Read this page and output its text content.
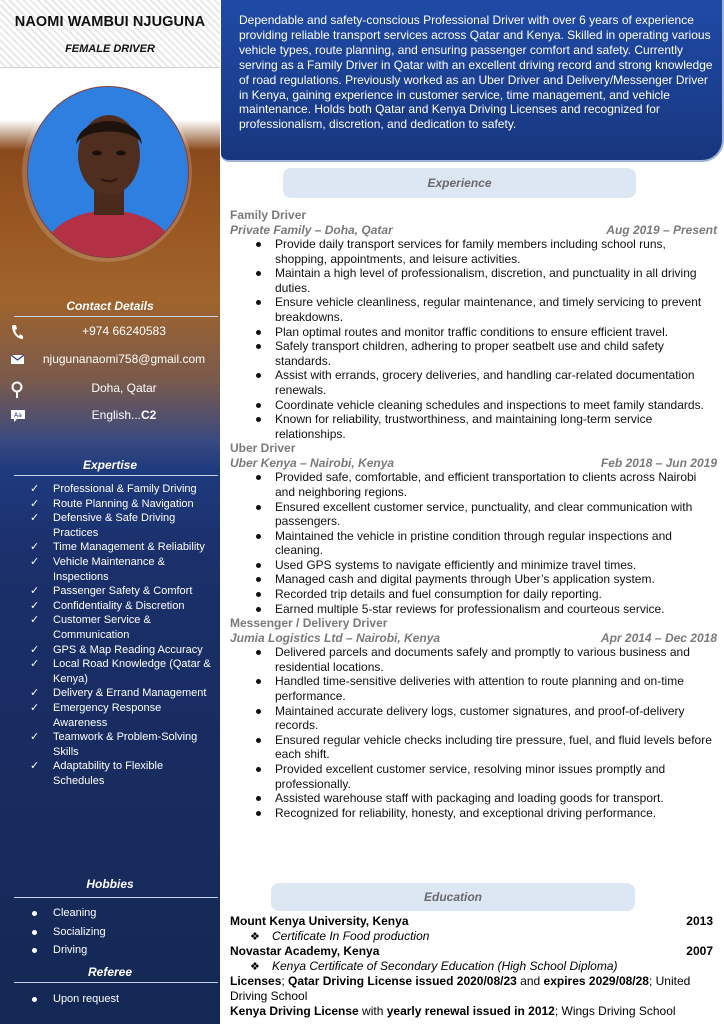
NAOMI WAMBUI NJUGUNA
FEMALE DRIVER
Contact Details
+974 66240583
njugunanaomi758@gmail.com
Doha, Qatar
Aa	English...C2
Expertise
✓ Professional & Family Driving
✓ Route Planning & Navigation
✓ Defensive & Safe Driving Practices
✓ Time Management & Reliability
✓ Vehicle Maintenance & Inspections
✓ Passenger Safety & Comfort
✓ Confidentiality & Discretion
✓ Customer Service & Communication
✓ GPS & Map Reading Accuracy
✓ Local Road Knowledge (Qatar & Kenya)
✓ Delivery & Errand Management
✓ Emergency Response Awareness
✓ Teamwork & Problem-Solving Skills
✓ Adaptability to Flexible Schedules
Hobbies
Cleaning
Socializing
Driving
Referee
Upon request

Dependable and safety-conscious Professional Driver with over 6 years of experience providing reliable transport services across Qatar and Kenya. Skilled in operating various vehicle types, route planning, and ensuring passenger comfort and safety. Currently serving as a Family Driver in Qatar with an excellent driving record and strong knowledge of road regulations. Previously worked as an Uber Driver and Delivery/Messenger Driver in Kenya, gaining experience in customer service, time management, and vehicle maintenance. Holds both Qatar and Kenya Driving Licenses and recognized for professionalism, discretion, and dedication to safety.

Experience
Family Driver
Private Family – Doha, Qatar	Aug 2019 – Present
Provide daily transport services for family members including school runs, shopping, appointments, and leisure activities.
Maintain a high level of professionalism, discretion, and punctuality in all driving duties.
Ensure vehicle cleanliness, regular maintenance, and timely servicing to prevent breakdowns.
Plan optimal routes and monitor traffic conditions to ensure efficient travel.
Safely transport children, adhering to proper seatbelt use and child safety standards.
Assist with errands, grocery deliveries, and handling car-related documentation renewals.
Coordinate vehicle cleaning schedules and inspections to meet family standards.
Known for reliability, trustworthiness, and maintaining long-term service relationships.
Uber Driver
Uber Kenya – Nairobi, Kenya	Feb 2018 – Jun 2019
Provided safe, comfortable, and efficient transportation to clients across Nairobi and neighboring regions.
Ensured excellent customer service, punctuality, and clear communication with passengers.
Maintained the vehicle in pristine condition through regular inspections and cleaning.
Used GPS systems to navigate efficiently and minimize travel times.
Managed cash and digital payments through Uber’s application system.
Recorded trip details and fuel consumption for daily reporting.
Earned multiple 5-star reviews for professionalism and courteous service.
Messenger / Delivery Driver
Jumia Logistics Ltd – Nairobi, Kenya	Apr 2014 – Dec 2018
Delivered parcels and documents safely and promptly to various business and residential locations.
Handled time-sensitive deliveries with attention to route planning and on-time performance.
Maintained accurate delivery logs, customer signatures, and proof-of-delivery records.
Ensured regular vehicle checks including tire pressure, fuel, and fluid levels before each shift.
Provided excellent customer service, resolving minor issues promptly and professionally.
Assisted warehouse staff with packaging and loading goods for transport.
Recognized for reliability, honesty, and exceptional driving performance.
Education
Mount Kenya University, Kenya	2013
❖ Certificate In Food production
Novastar Academy, Kenya	2007
❖ Kenya Certificate of Secondary Education (High School Diploma)
Licenses; Qatar Driving License issued 2020/08/23 and expires 2029/08/28; United Driving School
Kenya Driving License with yearly renewal issued in 2012; Wings Driving School
